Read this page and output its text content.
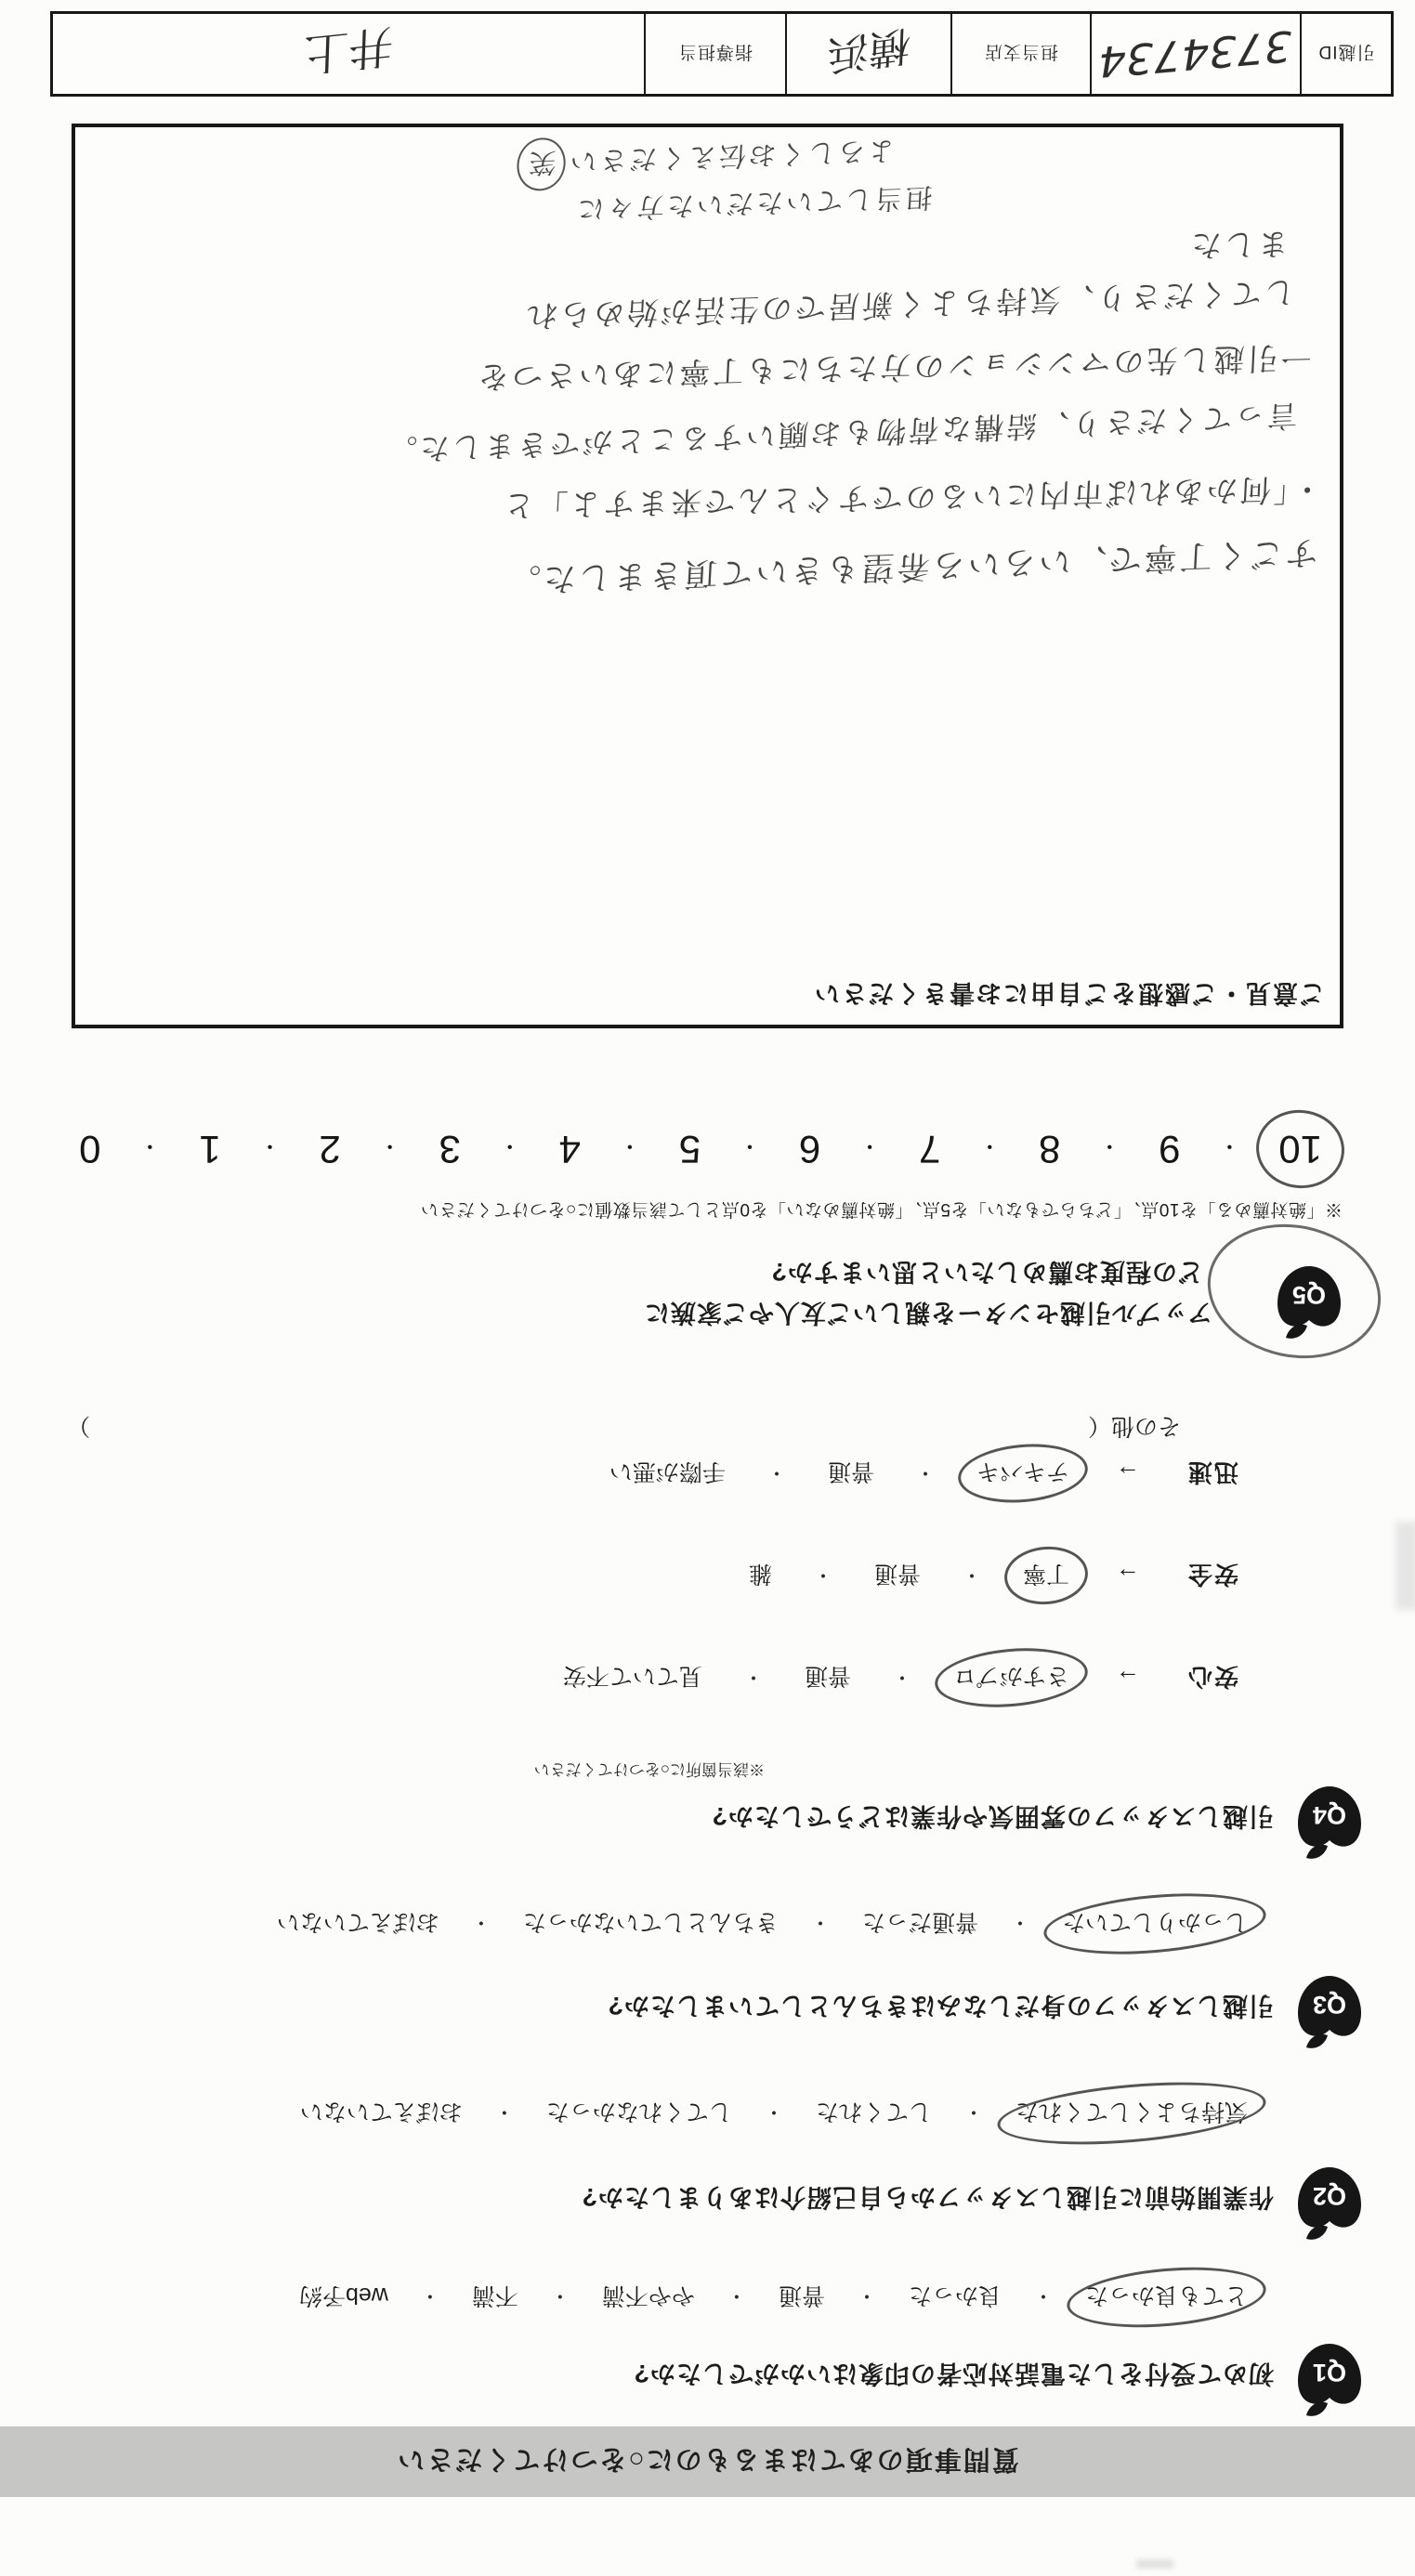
質問事項のあてはまるものに○をつけてください
Q1
初めて受付をした電話対応者の印象はいかがでしたか?
とても良かった
・
良かった
・
普通
・
やや不満
・
不満
・
web予約
Q2
作業開始前に引越しスタッフから自己紹介はありましたか?
気持ちよくしてくれた
・
してくれた
・
してくれなかった
・
おぼえていない
Q3
引越しスタッフの身だしなみはきちんとしていましたか?
しっかりしていた
・
普通だった
・
きちんとしていなかった
・
おぼえていない
Q4
引越しスタッフの雰囲気や作業はどうでしたか?
※該当箇所に○をつけてください
安心
→
さすがプロ
・
普通
・
見ていて不安
安全
→
丁寧
・
普通
・
雑
迅速
→
テキパキ
・
普通
・
手際が悪い
その他（  ）
Q5
アップル引越センターを親しいご友人やご家族に
どの程度お薦めしたいと思いますか?
※「絶対薦める」を10点、「どちらでもない」を5点、「絶対薦めない」を0点として該当数値に○をつけてください
10
・
9
・
8
・
7
・
6
・
5
・
4
・
3
・
2
・
1
・
0
ご意見・ご感想をご自由にお書きください
すごく丁寧で、いろいろ希望もきいて頂きました。
・「何かあれば市内にいるのですぐとんで来ますよ」と
言ってくださり、結構な荷物もお願いすることができました。
一引越し先のマンションの方たちにも丁寧にあいさつを
してくださり、気持ちよく新居での生活が始められ
ました
担当していただいた方々に
よろしくお伝えください 笑
引越ID
3734734
担当支店
横浜
指導担当
井上
